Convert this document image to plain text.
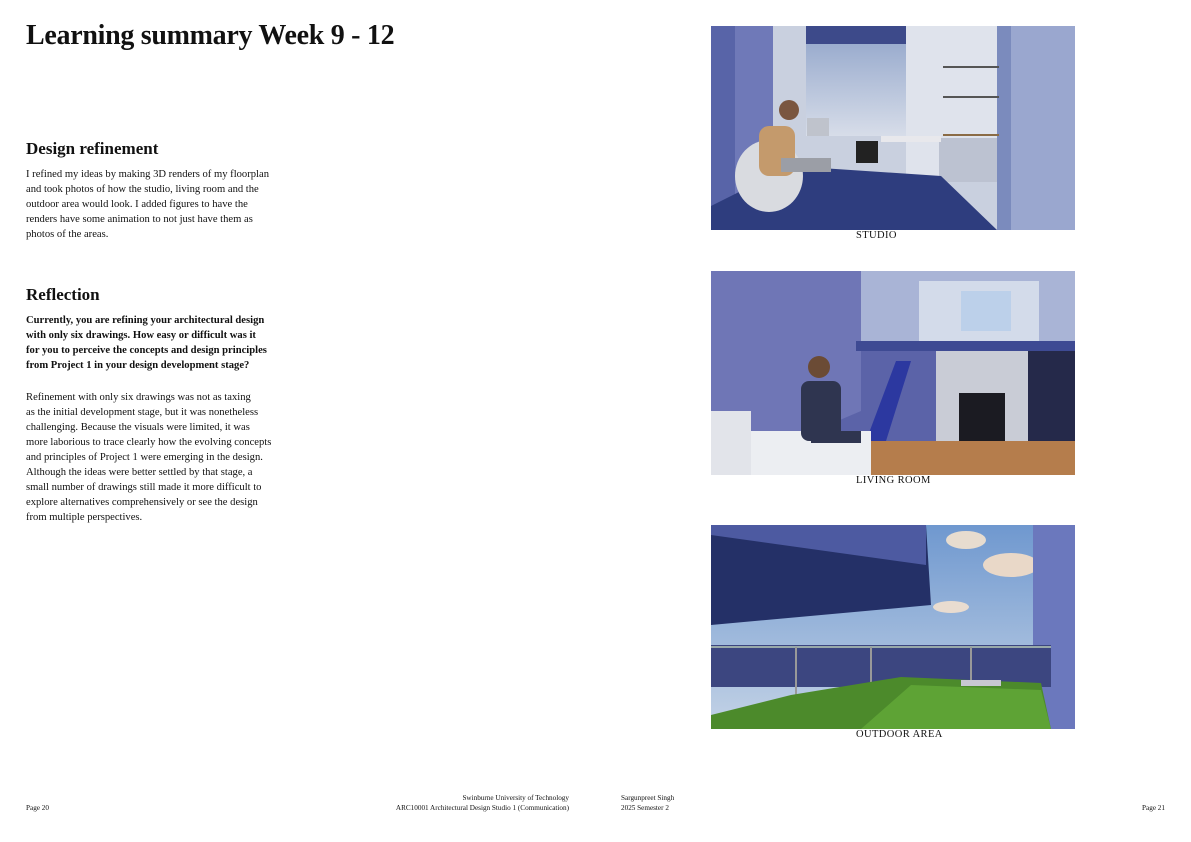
Learning summary Week 9 - 12
Design refinement
I refined my ideas by making 3D renders of my floorplan
and took photos of how the studio, living room and the
outdoor area would look. I added figures to have the
renders have some animation to not just have them as
photos of the areas.
Reflection
Currently, you are refining your architectural design
with only six drawings. How easy or difficult was it
for you to perceive the concepts and design principles
from Project 1 in your design development stage?
Refinement with only six drawings was not as taxing
as the initial development stage, but it was nonetheless
challenging. Because the visuals were limited, it was
more laborious to trace clearly how the evolving concepts
and principles of Project 1 were emerging in the design.
Although the ideas were better settled by that stage, a
small number of drawings still made it more difficult to
explore alternatives comprehensively or see the design
from multiple perspectives.
STUDIO
LIVING ROOM
OUTDOOR AREA
Page 20
Swinburne University of Technology
ARC10001 Architectural Design Studio 1 (Communication)
Sargunpreet Singh
2025 Semester 2	Page 21
